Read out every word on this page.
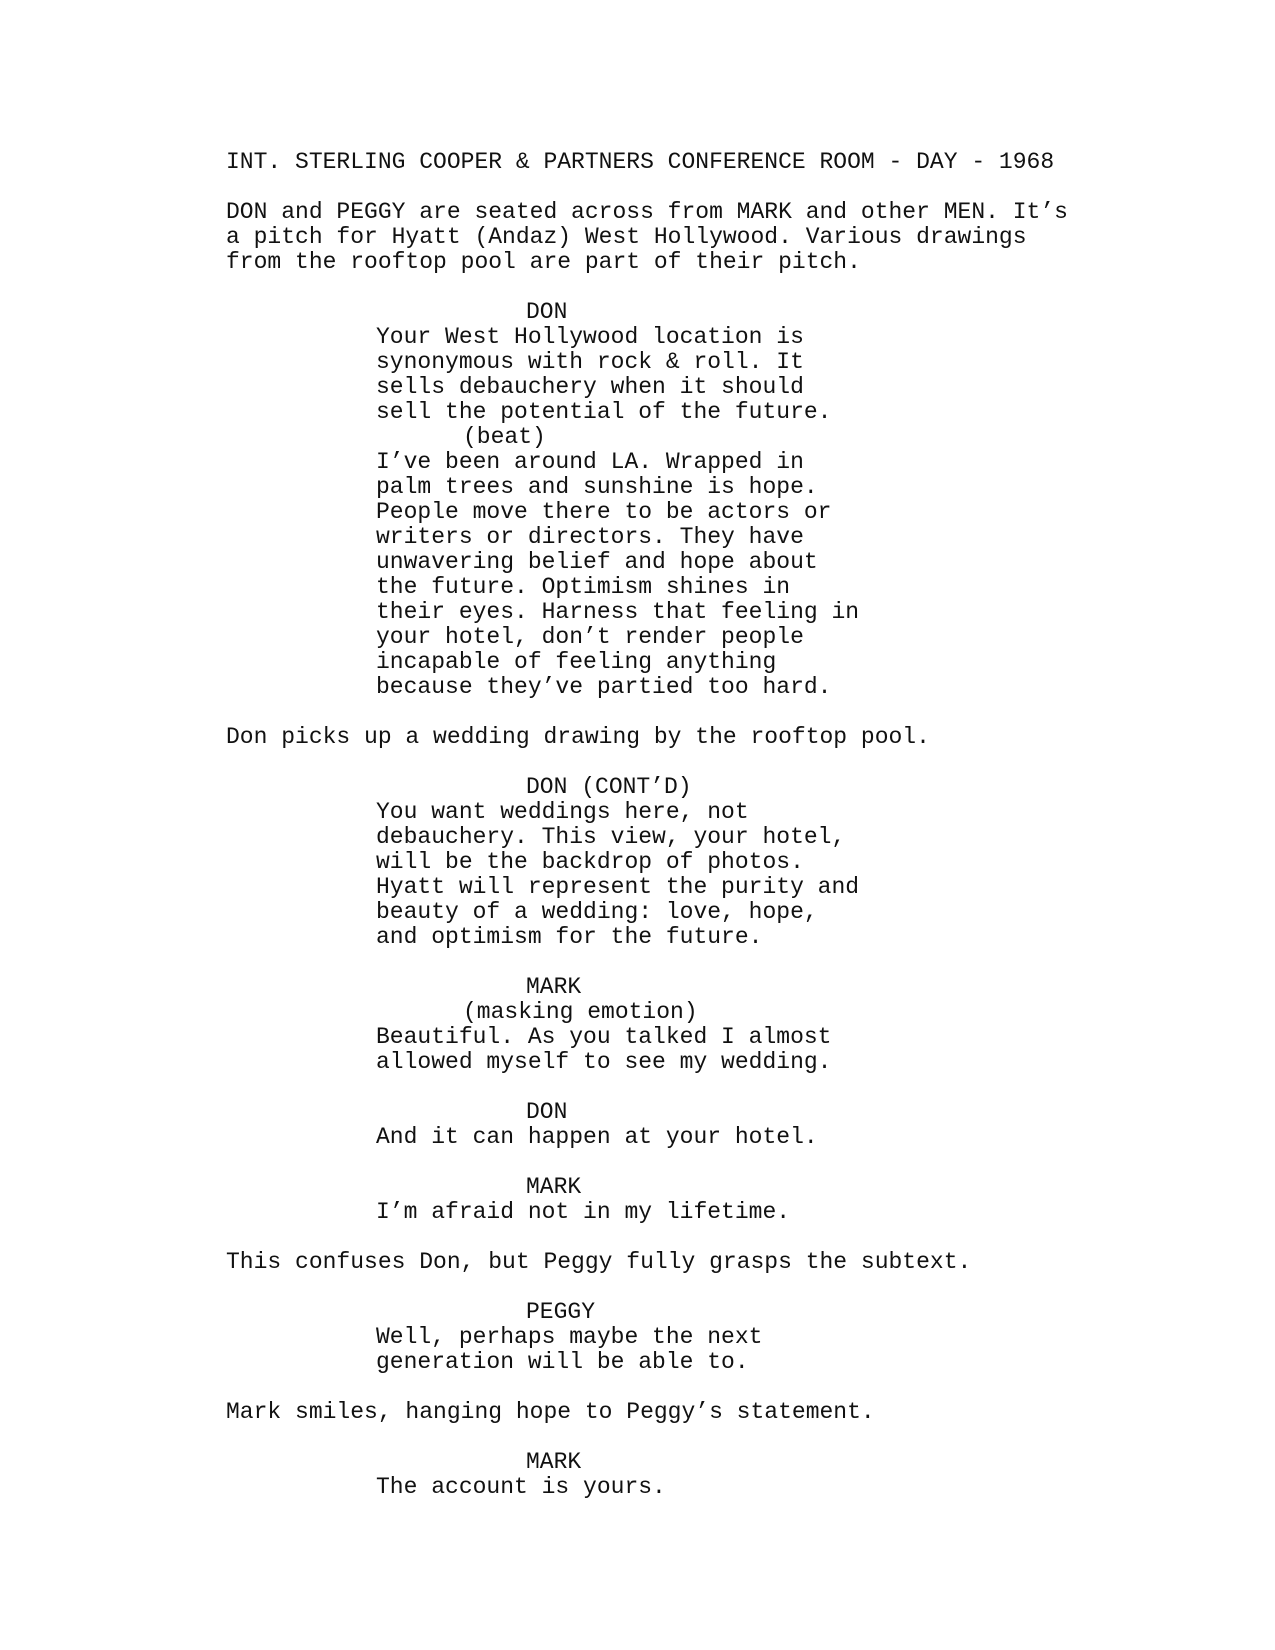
INT. STERLING COOPER & PARTNERS CONFERENCE ROOM - DAY - 1968
DON and PEGGY are seated across from MARK and other MEN. It’s
a pitch for Hyatt (Andaz) West Hollywood. Various drawings
from the rooftop pool are part of their pitch.
DON
Your West Hollywood location is
synonymous with rock & roll. It
sells debauchery when it should
sell the potential of the future.
(beat)
I’ve been around LA. Wrapped in
palm trees and sunshine is hope.
People move there to be actors or
writers or directors. They have
unwavering belief and hope about
the future. Optimism shines in
their eyes. Harness that feeling in
your hotel, don’t render people
incapable of feeling anything
because they’ve partied too hard.
Don picks up a wedding drawing by the rooftop pool.
DON (CONT’D)
You want weddings here, not
debauchery. This view, your hotel,
will be the backdrop of photos.
Hyatt will represent the purity and
beauty of a wedding: love, hope,
and optimism for the future.
MARK
(masking emotion)
Beautiful. As you talked I almost
allowed myself to see my wedding.
DON
And it can happen at your hotel.
MARK
I’m afraid not in my lifetime.
This confuses Don, but Peggy fully grasps the subtext.
PEGGY
Well, perhaps maybe the next
generation will be able to.
Mark smiles, hanging hope to Peggy’s statement.
MARK
The account is yours.
